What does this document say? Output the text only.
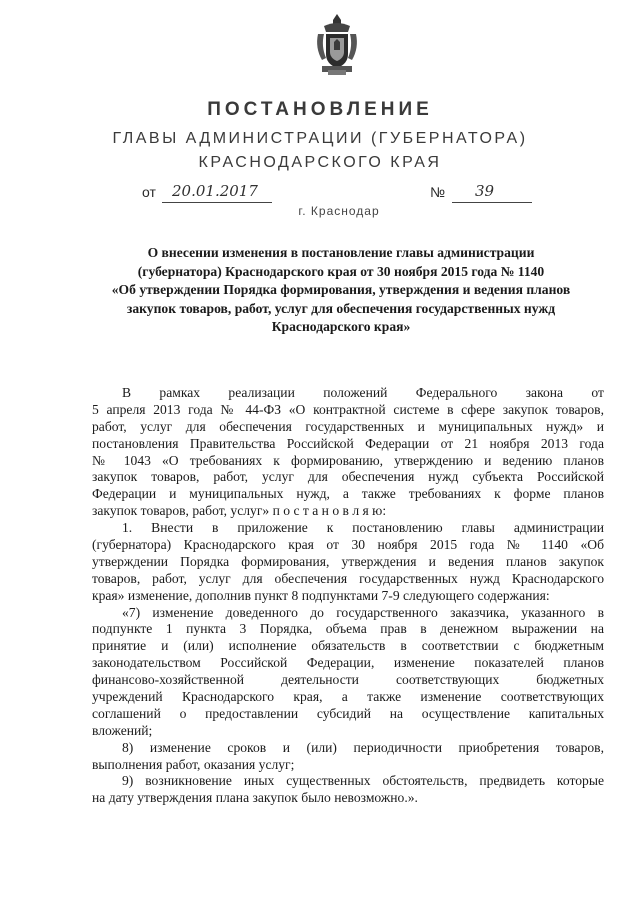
ПОСТАНОВЛЕНИЕ
ГЛАВЫ АДМИНИСТРАЦИИ (ГУБЕРНАТОРА)
КРАСНОДАРСКОГО КРАЯ
от 20.01.2017	№ 39
г. Краснодар
О внесении изменения в постановление главы администрации
(губернатора) Краснодарского края от 30 ноября 2015 года № 1140
«Об утверждении Порядка формирования, утверждения и ведения планов
закупок товаров, работ, услуг для обеспечения государственных нужд
Краснодарского края»
В рамках реализации положений Федерального закона от
5 апреля 2013 года № 44-ФЗ «О контрактной системе в сфере закупок товаров,
работ, услуг для обеспечения государственных и муниципальных нужд» и
постановления Правительства Российской Федерации от 21 ноября 2013 года
№ 1043 «О требованиях к формированию, утверждению и ведению планов
закупок товаров, работ, услуг для обеспечения нужд субъекта Российской
Федерации и муниципальных нужд, а также требованиях к форме планов
закупок товаров, работ, услуг» п о с т а н о в л я ю:
1. Внести в приложение к постановлению главы администрации
(губернатора) Краснодарского края от 30 ноября 2015 года № 1140 «Об
утверждении Порядка формирования, утверждения и ведения планов закупок
товаров, работ, услуг для обеспечения государственных нужд Краснодарского
края» изменение, дополнив пункт 8 подпунктами 7-9 следующего содержания:
«7) изменение доведенного до государственного заказчика, указанного в
подпункте 1 пункта 3 Порядка, объема прав в денежном выражении на
принятие и (или) исполнение обязательств в соответствии с бюджетным
законодательством Российской Федерации, изменение показателей планов
финансово-хозяйственной деятельности соответствующих бюджетных
учреждений Краснодарского края, а также изменение соответствующих
соглашений о предоставлении субсидий на осуществление капитальных
вложений;
8) изменение сроков и (или) периодичности приобретения товаров,
выполнения работ, оказания услуг;
9) возникновение иных существенных обстоятельств, предвидеть которые
на дату утверждения плана закупок было невозможно.».
